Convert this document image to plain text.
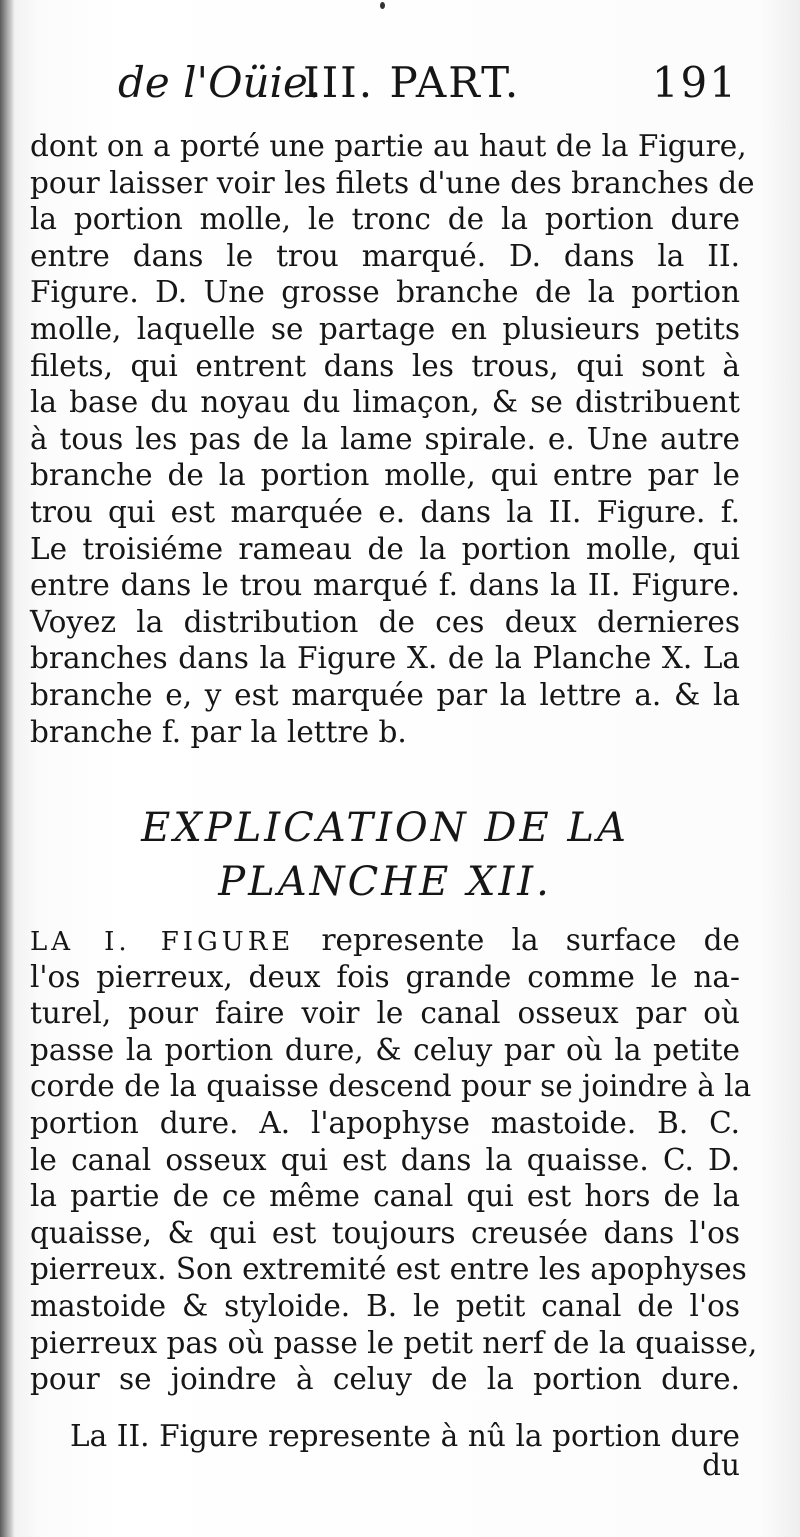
de l'Oüie.
III. PART.	191
dont on a porté une partie au haut de la Figure,
pour laisser voir les filets d'une des branches de
la portion molle, le tronc de la portion dure
entre dans le trou marqué. D. dans la II.
Figure. D. Une grosse branche de la portion
molle, laquelle se partage en plusieurs petits
filets, qui entrent dans les trous, qui sont à
la base du noyau du limaçon, & se distribuent
à tous les pas de la lame spirale. e. Une autre
branche de la portion molle, qui entre par le
trou qui est marquée e. dans la II. Figure. f.
Le troisiéme rameau de la portion molle, qui
entre dans le trou marqué f. dans la II. Figure.
Voyez la distribution de ces deux dernieres
branches dans la Figure X. de la Planche X. La
branche e, y est marquée par la lettre a. & la
branche f. par la lettre b.
EXPLICATION DE LA
PLANCHE XII.
LA I. FIGURE represente la surface de
l'os pierreux, deux fois grande comme le na-
turel, pour faire voir le canal osseux par où
passe la portion dure, & celuy par où la petite
corde de la quaisse descend pour se joindre à la
portion dure. A. l'apophyse mastoide. B. C.
le canal osseux qui est dans la quaisse. C. D.
la partie de ce même canal qui est hors de la
quaisse, & qui est toujours creusée dans l'os
pierreux. Son extremité est entre les apophyses
mastoide & styloide. B. le petit canal de l'os
pierreux pas où passe le petit nerf de la quaisse,
pour se joindre à celuy de la portion dure.
La II. Figure represente à nû la portion dure
du
